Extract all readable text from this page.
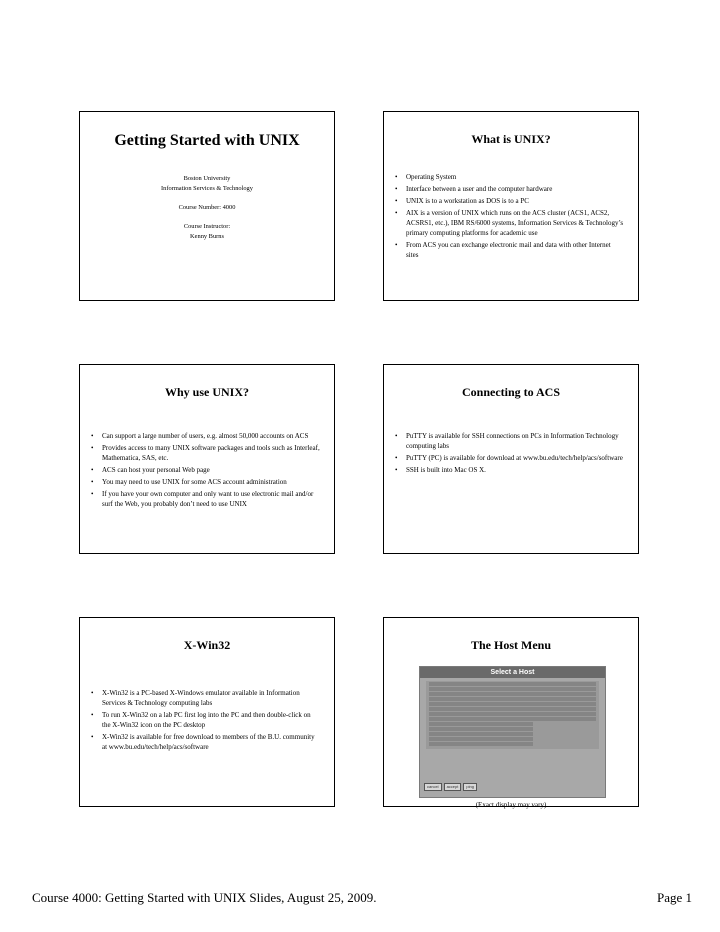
Getting Started with UNIX
Boston University
Information Services & Technology
Course Number: 4000
Course Instructor:
Kenny Burns
What is UNIX?
• Operating System
• Interface between a user and the computer hardware
• UNIX is to a workstation as DOS is to a PC
• AIX is a version of UNIX which runs on the ACS cluster (ACS1, ACS2, ACSRS1, etc.), IBM RS/6000 systems, Information Services & Technology’s primary computing platforms for academic use
• From ACS you can exchange electronic mail and data with other Internet sites
Why use UNIX?
• Can support a large number of users, e.g. almost 50,000 accounts on ACS
• Provides access to many UNIX software packages and tools such as Interleaf, Mathematica, SAS, etc.
• ACS can host your personal Web page
• You may need to use UNIX for some ACS account administration
• If you have your own computer and only want to use electronic mail and/or surf the Web, you probably don’t need to use UNIX
Connecting to ACS
• PuTTY is available for SSH connections on PCs in Information Technology computing labs
• PuTTY (PC) is available for download at www.bu.edu/tech/help/acs/software
• SSH is built into Mac OS X.
X-Win32
• X-Win32 is a PC-based X-Windows emulator available in Information Services & Technology computing labs
• To run X-Win32 on a lab PC first log into the PC and then double-click on the X-Win32 icon on the PC desktop
• X-Win32 is available for free download to members of the B.U. community at www.bu.edu/tech/help/acs/software
The Host Menu
Select a Host
cancel	accept	ping
(Exact display may vary)
Course 4000: Getting Started with UNIX Slides, August 25, 2009.	Page 1
